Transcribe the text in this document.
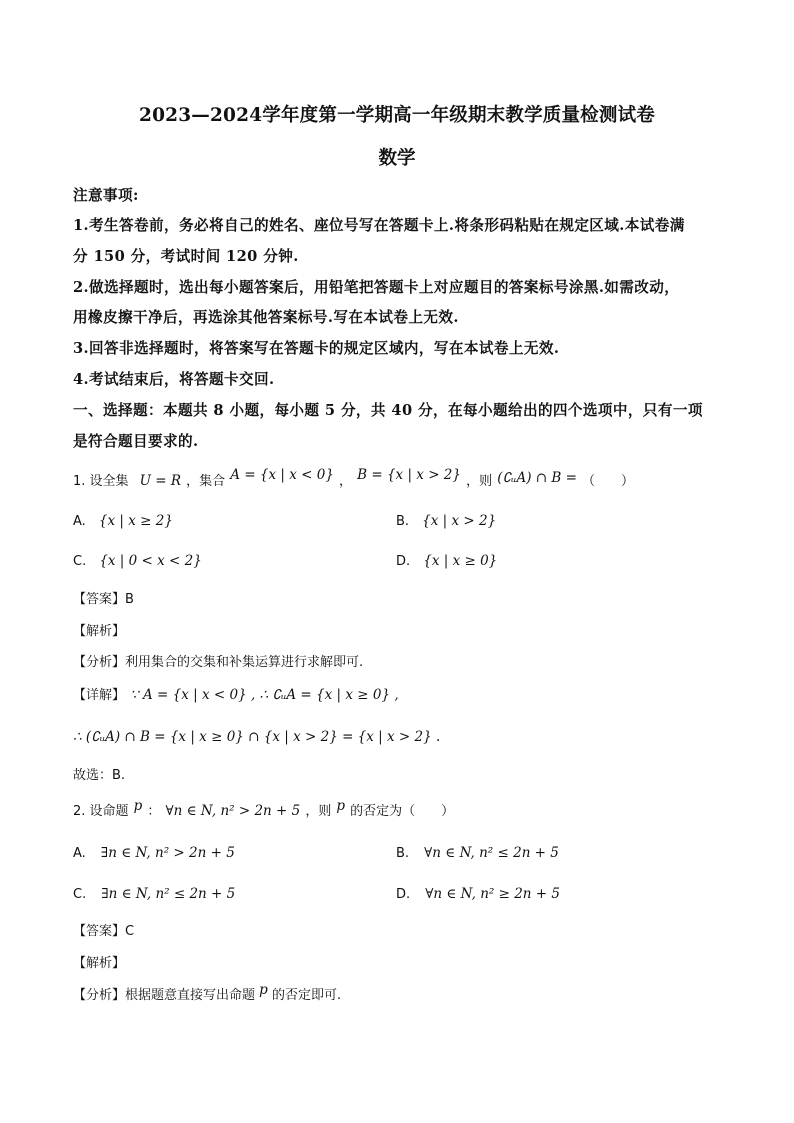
2023—2024学年度第一学期高一年级期末教学质量检测试卷
数学
注意事项:
1.考生答卷前，务必将自己的姓名、座位号写在答题卡上.将条形码粘贴在规定区域.本试卷满
分 150 分，考试时间 120 分钟.
2.做选择题时，选出每小题答案后，用铅笔把答题卡上对应题目的答案标号涂黑.如需改动，
用橡皮擦干净后，再选涂其他答案标号.写在本试卷上无效.
3.回答非选择题时，将答案写在答题卡的规定区域内，写在本试卷上无效.
4.考试结束后，将答题卡交回.
一、选择题：本题共 8 小题，每小题 5 分，共 40 分，在每小题给出的四个选项中，只有一项
是符合题目要求的.
1. 设全集 U = R ，集合 $^{A = \{x | x < 0\}}$ ， $^{B = \{x | x > 2\}}$ ，则 (∁ᵤA) ∩ B = （　　）
A. {x | x ≥ 2}	B. {x | x > 2}
C. {x | 0 < x < 2}	D. {x | x ≥ 0}
【答案】B
【解析】
【分析】利用集合的交集和补集运算进行求解即可.
【详解】 ∵ A = {x | x < 0} , ∴ ∁ᵤA = {x | x ≥ 0} ,
∴ (∁ᵤA) ∩ B = {x | x ≥ 0} ∩ {x | x > 2} = {x | x > 2} .
故选：B.
2. 设命题 $^p$ ： ∀n ∈ N, n² > 2n + 5 ，则 $^p$ 的否定为（　　）
A. ∃n ∈ N, n² > 2n + 5	B. ∀n ∈ N, n² ≤ 2n + 5
C. ∃n ∈ N, n² ≤ 2n + 5	D. ∀n ∈ N, n² ≥ 2n + 5
【答案】C
【解析】
【分析】根据题意直接写出命题 p 的否定即可.
